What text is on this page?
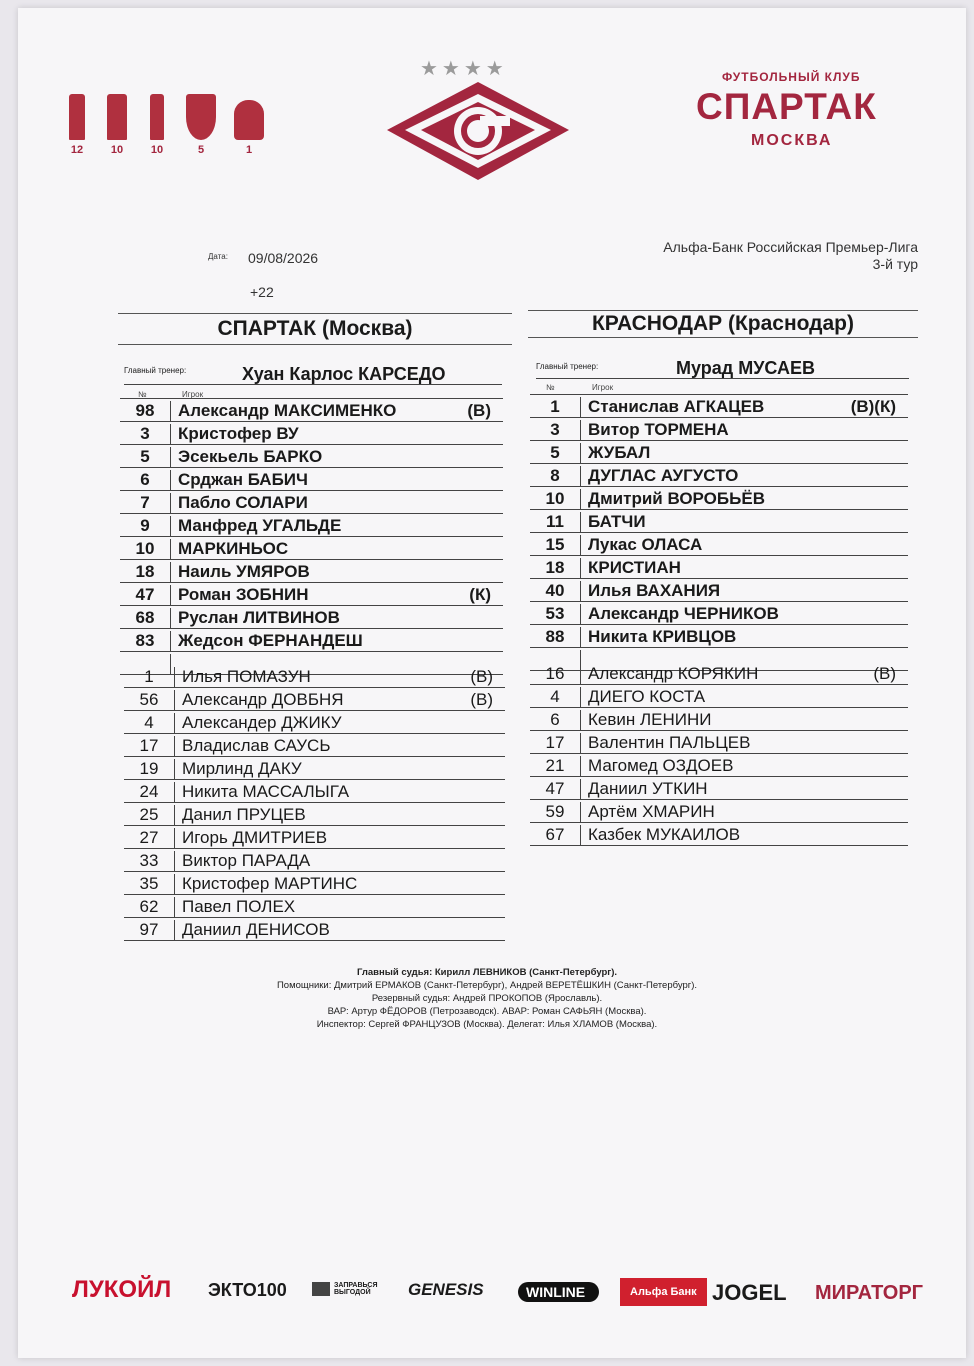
12	10	10	5	1
★★★★	ФУТБОЛЬНЫЙ КЛУБ
СПАРТАК
МОСКВА
Дата: 09/08/2026
+22
Альфа-Банк Российская Премьер-Лига
3-й тур
СПАРТАК (Москва)
Главный тренер:	Хуан Карлос КАРСЕДО
№	Игрок
98	Александр МАКСИМЕНКО	(В)
3	Кристофер ВУ
5	Эсекьель БАРКО
6	Срджан БАБИЧ
7	Пабло СОЛАРИ
9	Манфред УГАЛЬДЕ
10	МАРКИНЬОС
18	Наиль УМЯРОВ
47	Роман ЗОБНИН	(К)
68	Руслан ЛИТВИНОВ
83	Жедсон ФЕРНАНДЕШ
1	Илья ПОМАЗУН	(В)
56	Александр ДОВБНЯ	(В)
4	Александер ДЖИКУ
17	Владислав САУСЬ
19	Мирлинд ДАКУ
24	Никита МАССАЛЫГА
25	Данил ПРУЦЕВ
27	Игорь ДМИТРИЕВ
33	Виктор ПАРАДА
35	Кристофер МАРТИНС
62	Павел ПОЛЕХ
97	Даниил ДЕНИСОВ
КРАСНОДАР (Краснодар)
Главный тренер:	Мурад МУСАЕВ
№	Игрок
1	Станислав АГКАЦЕВ	(В)(К)
3	Витор ТОРМЕНА
5	ЖУБАЛ
8	ДУГЛАС АУГУСТО
10	Дмитрий ВОРОБЬЁВ
11	БАТЧИ
15	Лукас ОЛАСА
18	КРИСТИАН
40	Илья ВАХАНИЯ
53	Александр ЧЕРНИКОВ
88	Никита КРИВЦОВ
16	Александр КОРЯКИН	(В)
4	ДИЕГО КОСТА
6	Кевин ЛЕНИНИ
17	Валентин ПАЛЬЦЕВ
21	Магомед ОЗДОЕВ
47	Даниил УТКИН
59	Артём ХМАРИН
67	Казбек МУКАИЛОВ
Главный судья: Кирилл ЛЕВНИКОВ (Санкт-Петербург).
Помощники: Дмитрий ЕРМАКОВ (Санкт-Петербург), Андрей ВЕРЕТЁШКИН (Санкт-Петербург).
Резервный судья: Андрей ПРОКОПОВ (Ярославль).
ВАР: Артур ФЁДОРОВ (Петрозаводск). АВАР: Роман САФЬЯН (Москва).
Инспектор: Сергей ФРАНЦУЗОВ (Москва). Делегат: Илья ХЛАМОВ (Москва).
ЛУКОЙЛ ЭКТО100	ЗАПРАВЬСЯ ВЫГОДОЙ	GENESIS	WINLINE	Альфа Банк JOGEL МИРАТОРГ
